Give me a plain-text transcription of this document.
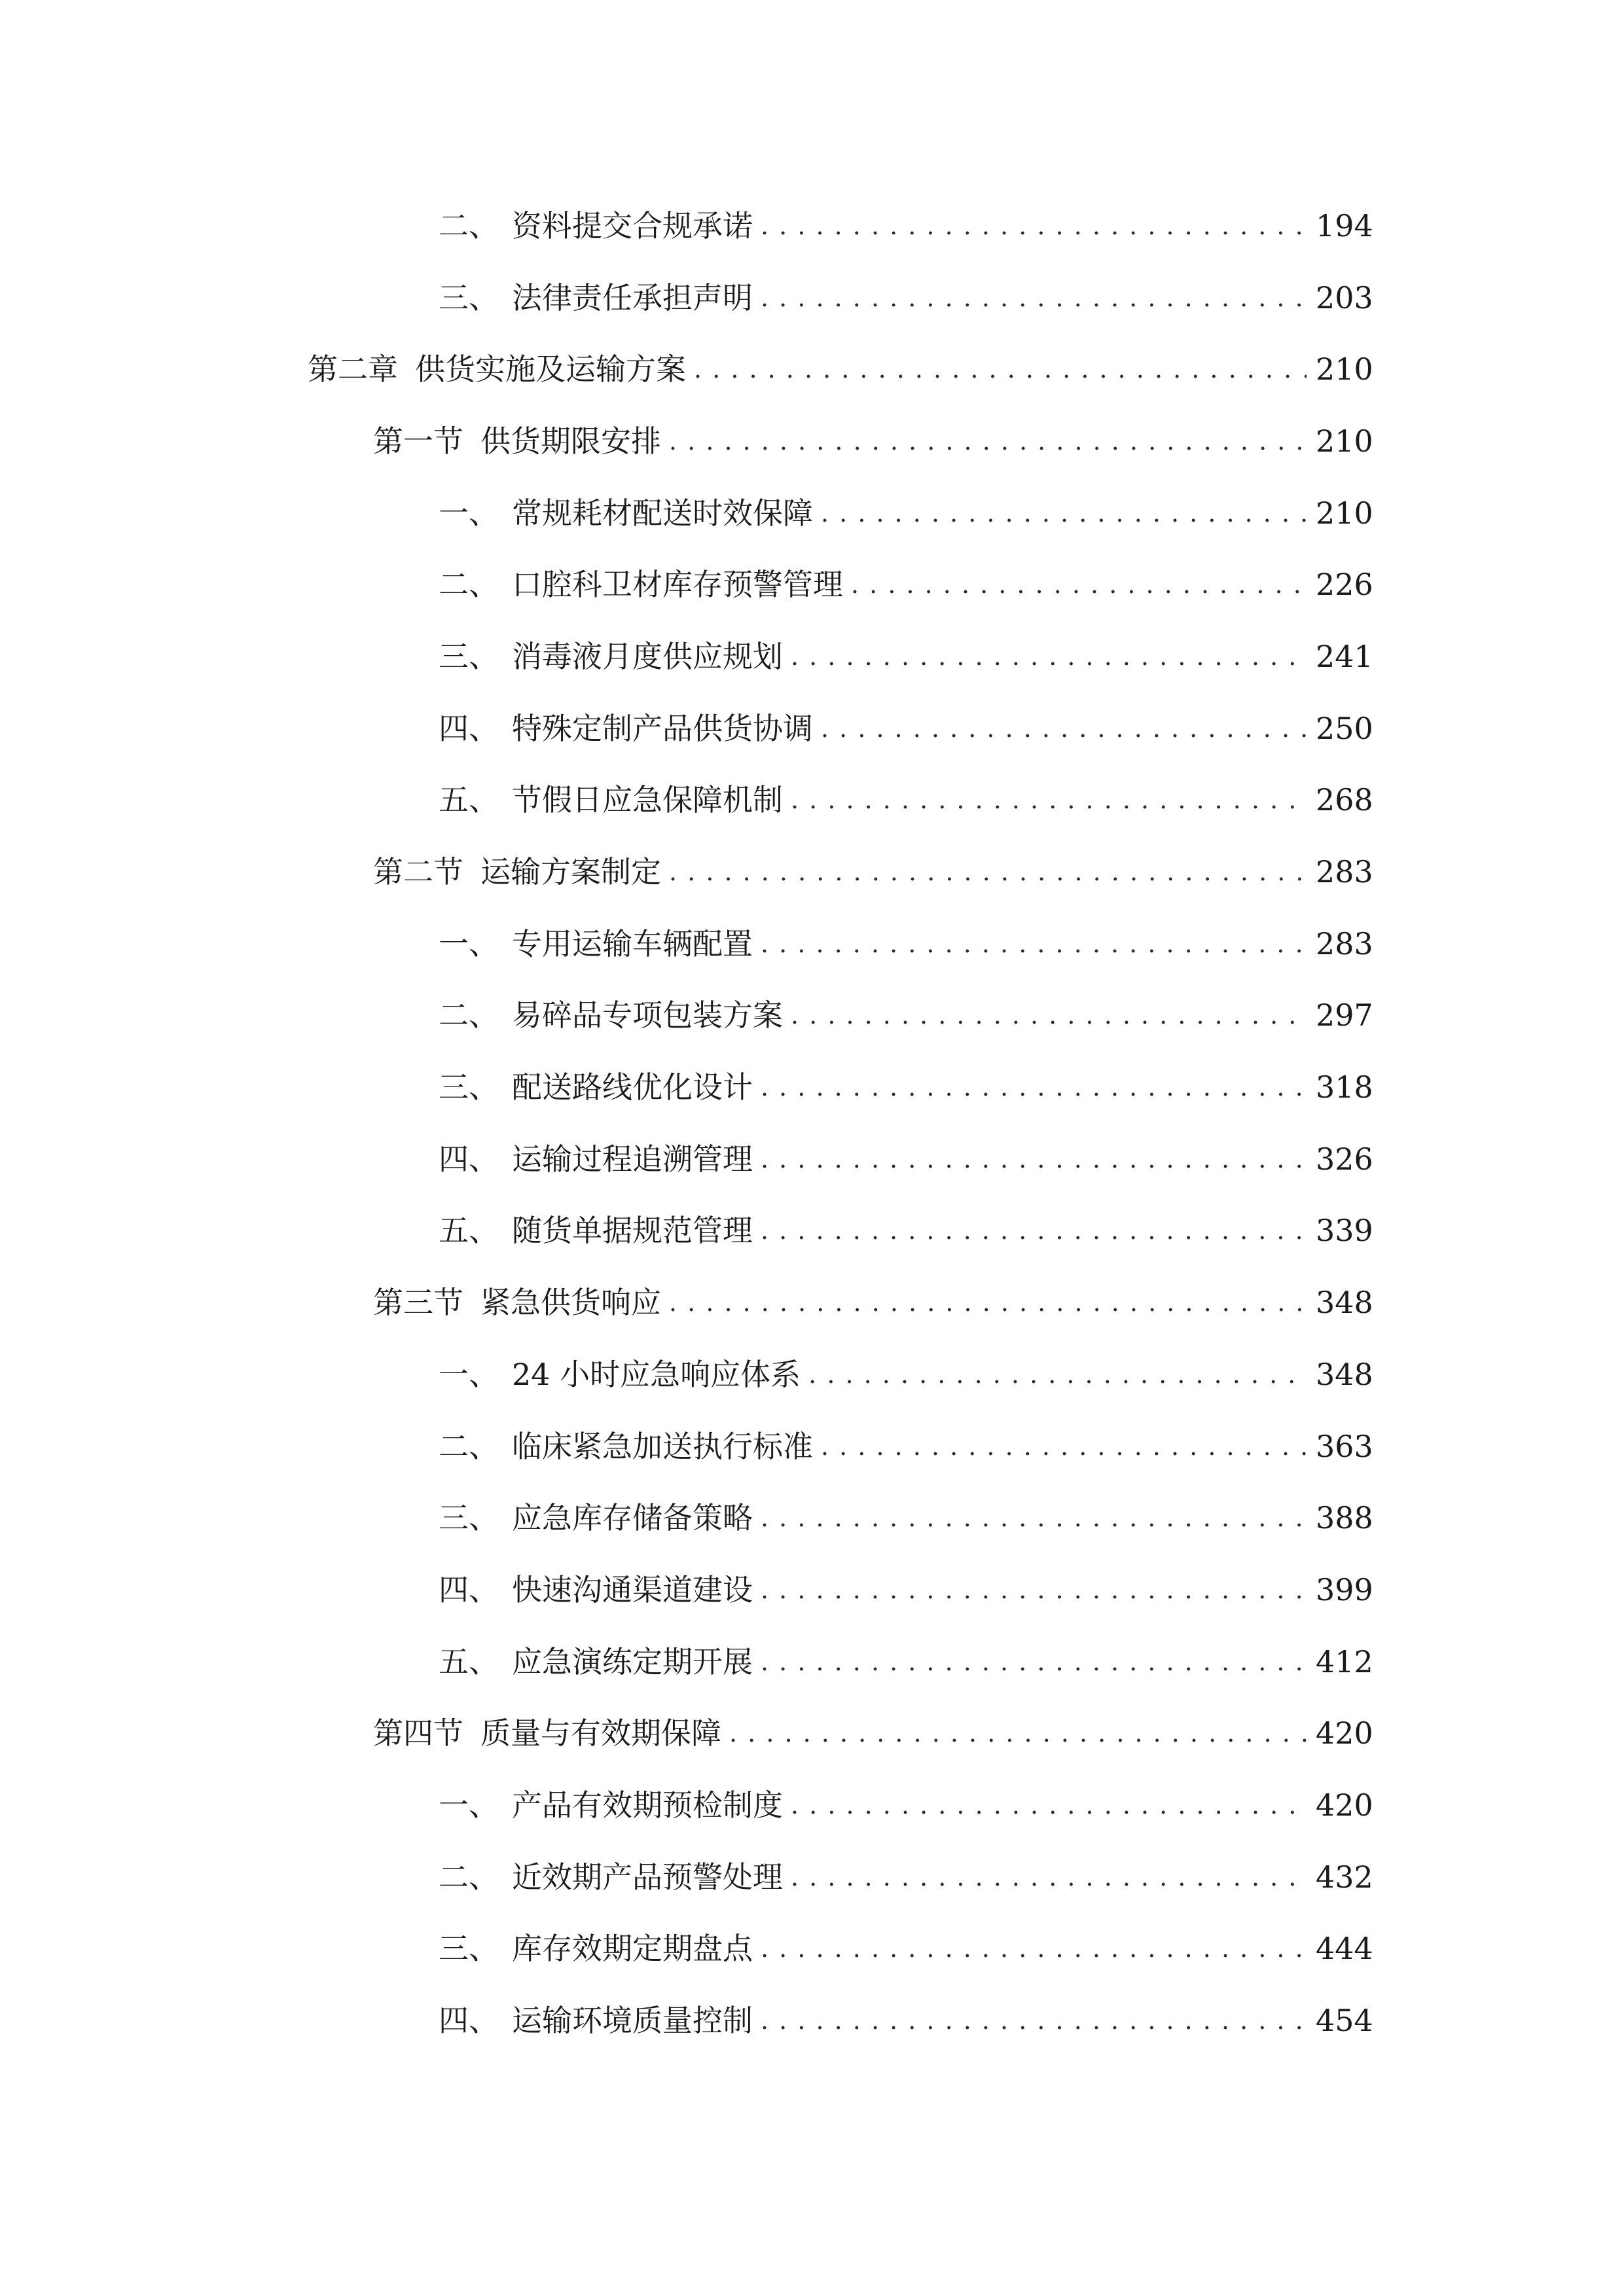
二、 资料提交合规承诺 . . .	194
三、 法律责任承担声明 . . .	203
第二章 供货实施及运输方案 . . .	210
第一节 供货期限安排 . . .	210
一、 常规耗材配送时效保障 . . .	210
二、 口腔科卫材库存预警管理 . . .	226
三、 消毒液月度供应规划 . . .	241
四、 特殊定制产品供货协调 . . .	250
五、 节假日应急保障机制 . . .	268
第二节 运输方案制定 . . .	283
一、 专用运输车辆配置 . . .	283
二、 易碎品专项包装方案 . . .	297
三、 配送路线优化设计 . . .	318
四、 运输过程追溯管理 . . .	326
五、 随货单据规范管理 . . .	339
第三节 紧急供货响应 . . .	348
一、 24 小时应急响应体系 . . .	348
二、 临床紧急加送执行标准 . . .	363
三、 应急库存储备策略 . . .	388
四、 快速沟通渠道建设 . . .	399
五、 应急演练定期开展 . . .	412
第四节 质量与有效期保障 . . .	420
一、 产品有效期预检制度 . . .	420
二、 近效期产品预警处理 . . .	432
三、 库存效期定期盘点 . . .	444
四、 运输环境质量控制 . . .	454
